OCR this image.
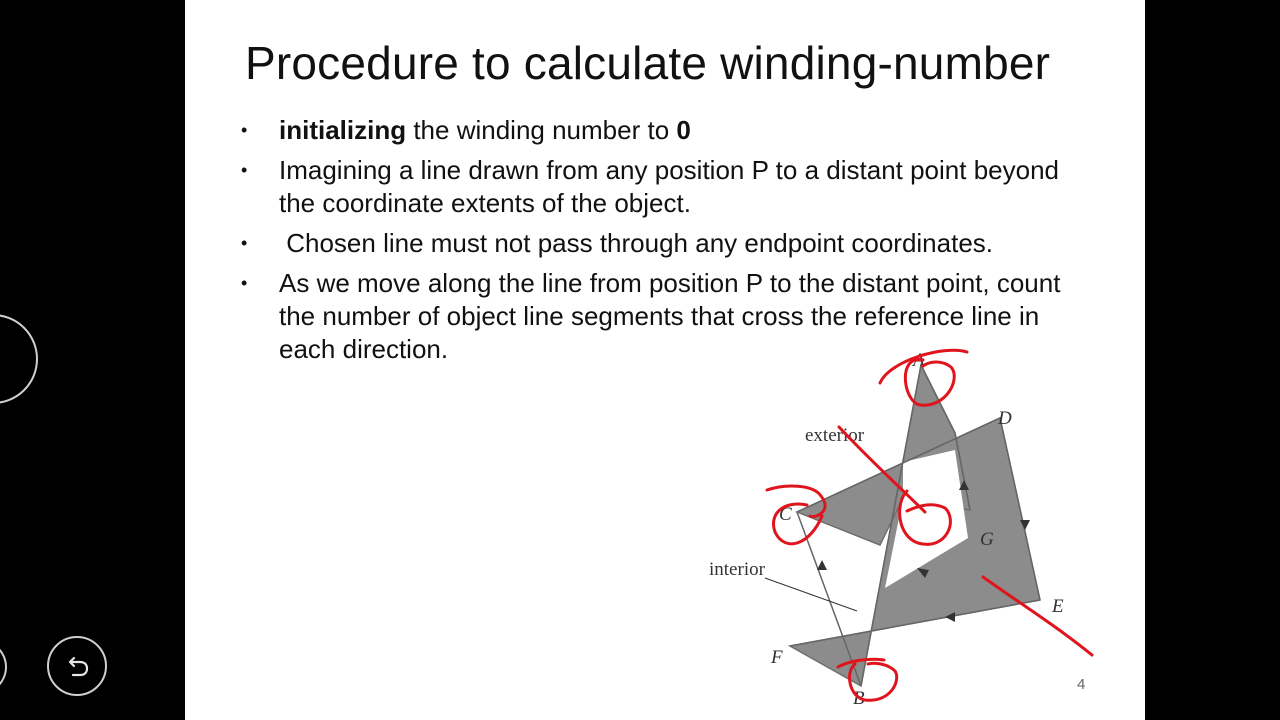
Procedure to calculate winding-number
• initializing the winding number to 0
• Imagining a line drawn from any position P to a distant point beyond the coordinate extents of the object.
• Chosen line must not pass through any endpoint coordinates.
• As we move along the line from position P to the distant point, count the number of object line segments that cross the reference line in each direction.
exterior
interior
A
B
C
D
E
F
G
4
